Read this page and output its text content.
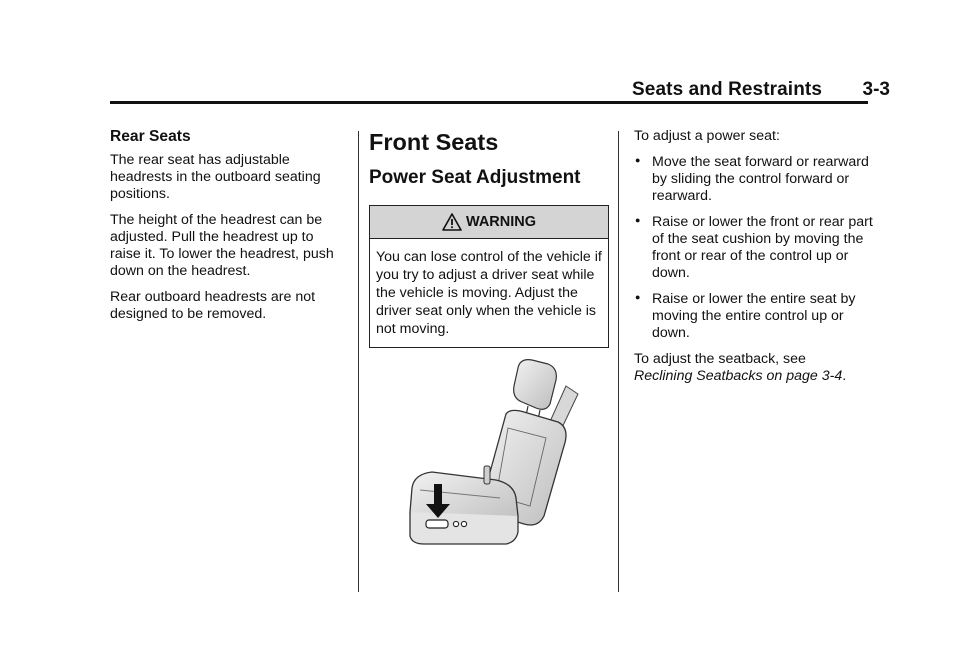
Seats and Restraints 3-3
Rear Seats

The rear seat has adjustable headrests in the outboard seating positions.

The height of the headrest can be adjusted. Pull the headrest up to raise it. To lower the headrest, push down on the headrest.

Rear outboard headrests are not designed to be removed.

Front Seats
Power Seat Adjustment
WARNING
You can lose control of the vehicle if you try to adjust a driver seat while the vehicle is moving. Adjust the driver seat only when the vehicle is not moving.

To adjust a power seat:

● Move the seat forward or rearward by sliding the control forward or rearward.
● Raise or lower the front or rear part of the seat cushion by moving the front or rear of the control up or down.
● Raise or lower the entire seat by moving the entire control up or down.

To adjust the seatback, see
Reclining Seatbacks on page 3-4.
